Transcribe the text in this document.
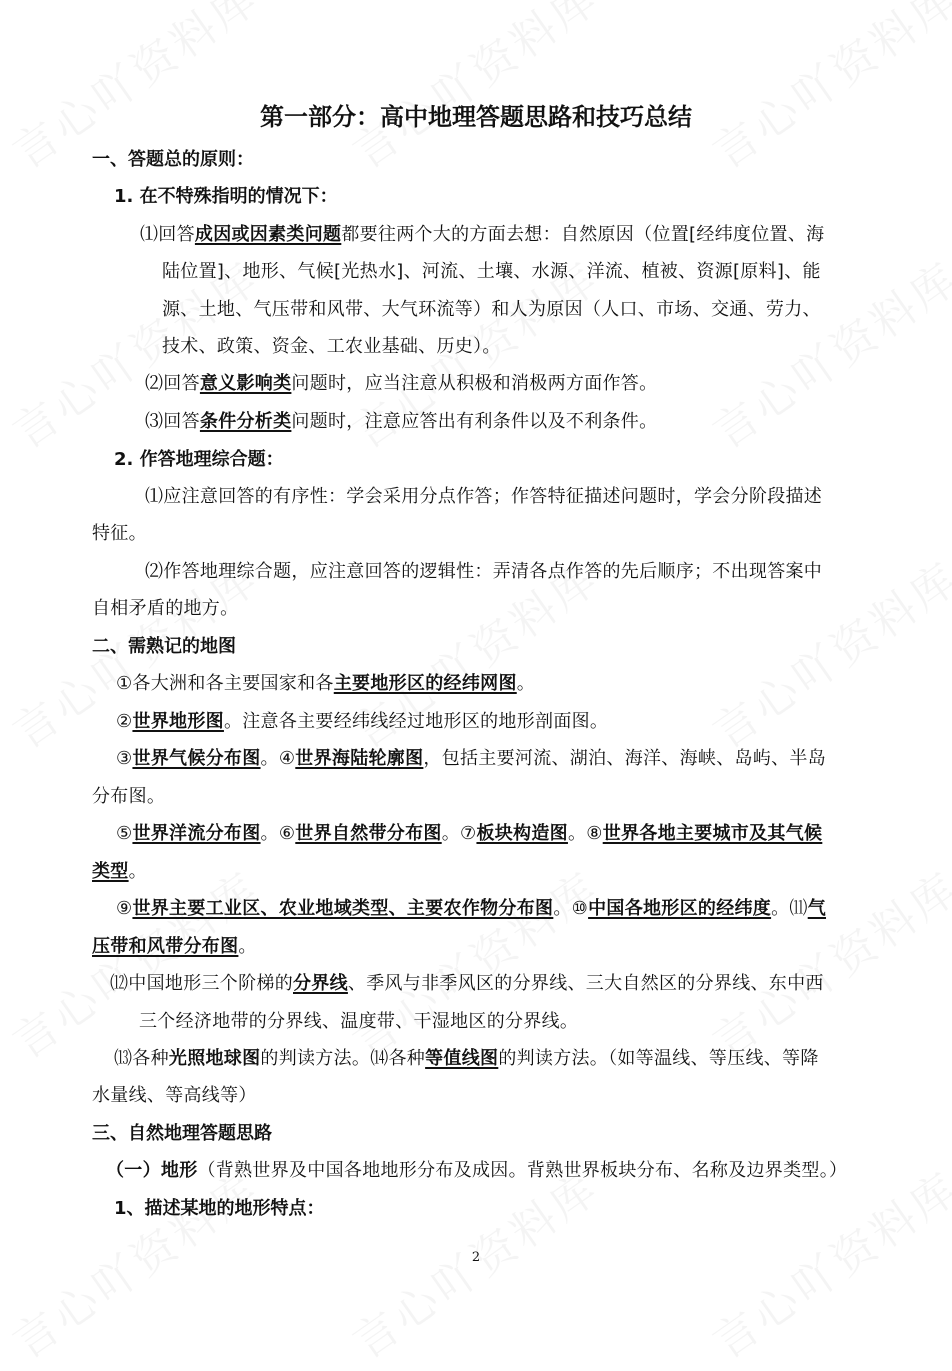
第一部分：高中地理答题思路和技巧总结
一、答题总的原则：
1. 在不特殊指明的情况下：
⑴回答成因或因素类问题都要往两个大的方面去想：自然原因（位置[经纬度位置、海
陆位置]、地形、气候[光热水]、河流、土壤、水源、洋流、植被、资源[原料]、能
源、土地、气压带和风带、大气环流等）和人为原因（人口、市场、交通、劳力、
技术、政策、资金、工农业基础、历史）。
⑵回答意义影响类问题时，应当注意从积极和消极两方面作答。
⑶回答条件分析类问题时，注意应答出有利条件以及不利条件。
2. 作答地理综合题：
⑴应注意回答的有序性：学会采用分点作答；作答特征描述问题时，学会分阶段描述
特征。
⑵作答地理综合题，应注意回答的逻辑性：弄清各点作答的先后顺序；不出现答案中
自相矛盾的地方。
二、需熟记的地图
①各大洲和各主要国家和各主要地形区的经纬网图。
②世界地形图。注意各主要经纬线经过地形区的地形剖面图。
③世界气候分布图。④世界海陆轮廓图，包括主要河流、湖泊、海洋、海峡、岛屿、半岛
分布图。
⑤世界洋流分布图。⑥世界自然带分布图。⑦板块构造图。⑧世界各地主要城市及其气候
类型。
⑨世界主要工业区、农业地域类型、主要农作物分布图。⑩中国各地形区的经纬度。⑾气
压带和风带分布图。
⑿中国地形三个阶梯的分界线、季风与非季风区的分界线、三大自然区的分界线、东中西
三个经济地带的分界线、温度带、干湿地区的分界线。
⒀各种光照地球图的判读方法。⒁各种等值线图的判读方法。（如等温线、等压线、等降
水量线、等高线等）
三、自然地理答题思路
（一）地形（背熟世界及中国各地地形分布及成因。背熟世界板块分布、名称及边界类型。）
1、描述某地的地形特点：
2
